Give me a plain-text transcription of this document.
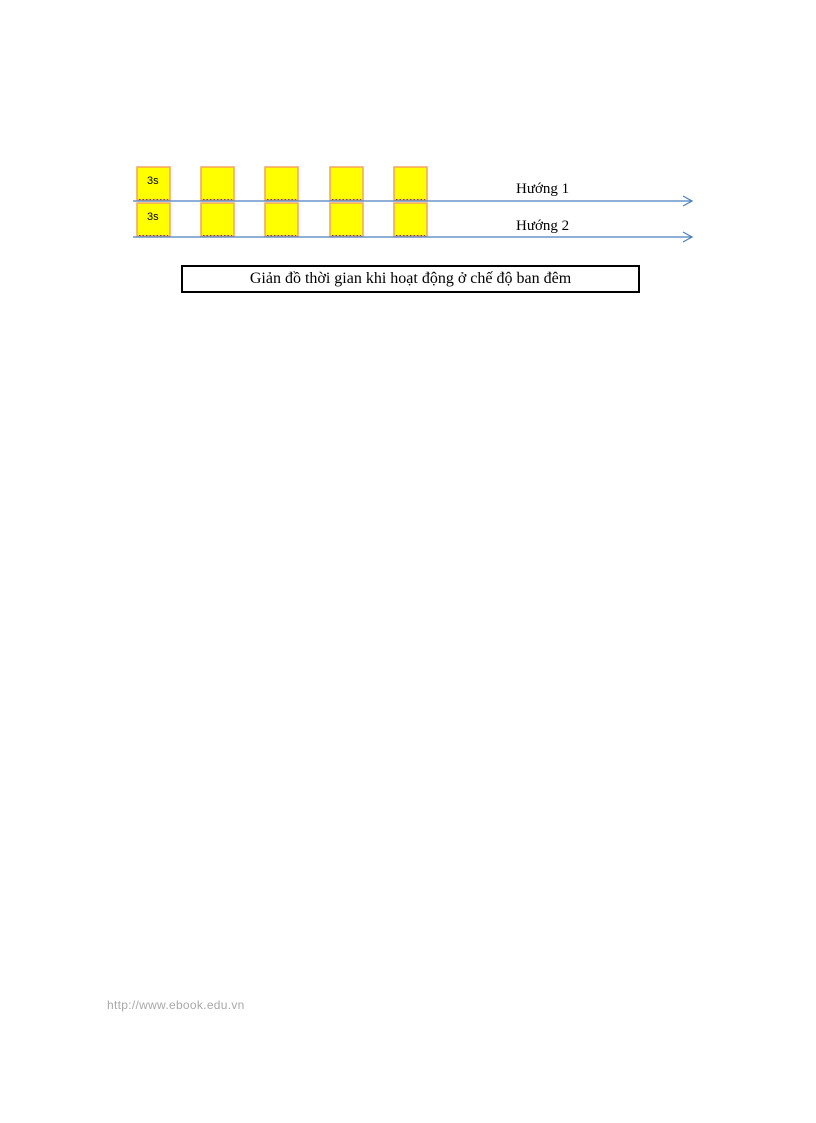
3s	Hướng 1
3s
Hướng 2
Giản đồ thời gian khi hoạt động ở chế độ ban đêm
http://www.ebook.edu.vn
